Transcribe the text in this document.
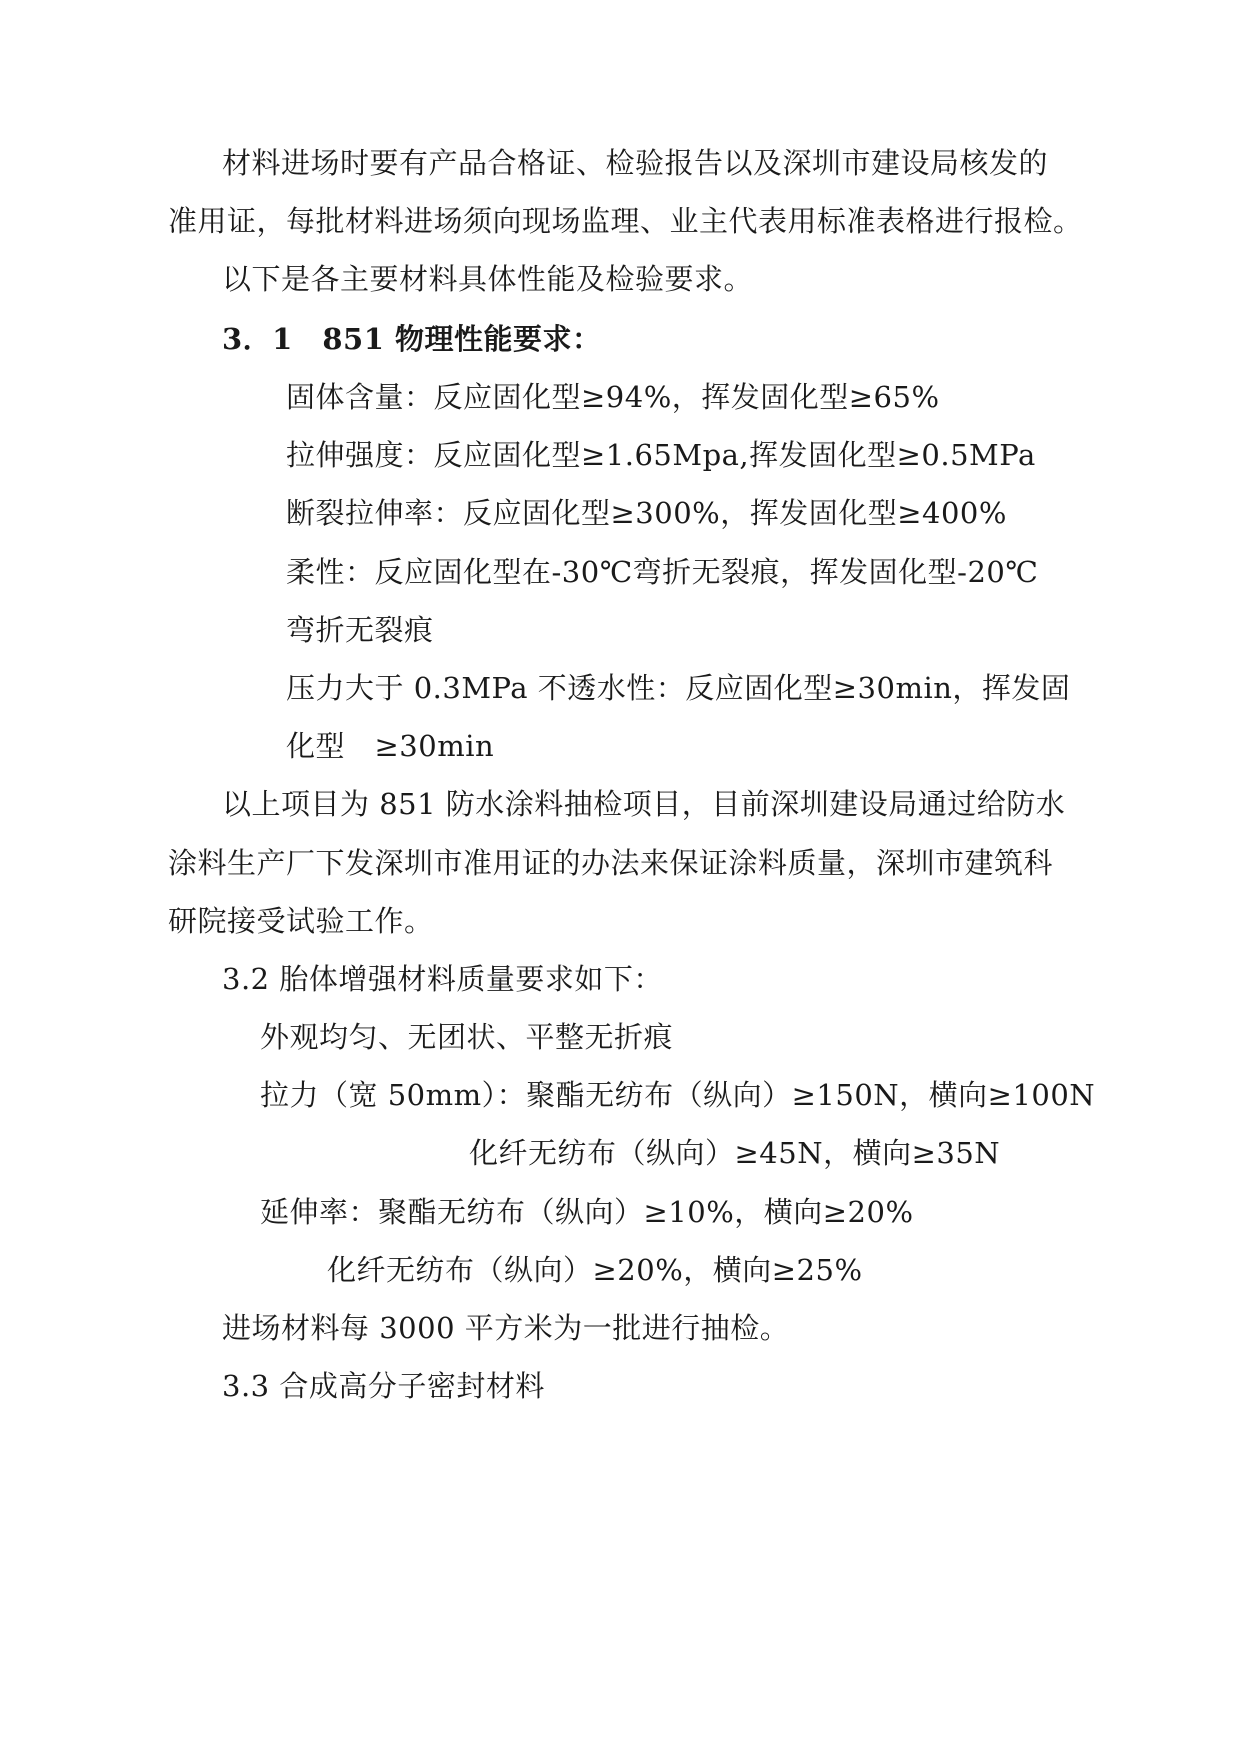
材料进场时要有产品合格证、检验报告以及深圳市建设局核发的
准用证，每批材料进场须向现场监理、业主代表用标准表格进行报检。
以下是各主要材料具体性能及检验要求。
3．1　851 物理性能要求：
固体含量：反应固化型≥94%，挥发固化型≥65%
拉伸强度：反应固化型≥1.65Mpa,挥发固化型≥0.5MPa
断裂拉伸率：反应固化型≥300%，挥发固化型≥400%
柔性：反应固化型在-30℃弯折无裂痕，挥发固化型-20℃
弯折无裂痕
压力大于 0.3MPa 不透水性：反应固化型≥30min，挥发固
化型　≥30min
以上项目为 851 防水涂料抽检项目，目前深圳建设局通过给防水
涂料生产厂下发深圳市准用证的办法来保证涂料质量，深圳市建筑科
研院接受试验工作。
3.2 胎体增强材料质量要求如下：
外观均匀、无团状、平整无折痕
拉力（宽 50mm）：聚酯无纺布（纵向）≥150N，横向≥100N
化纤无纺布（纵向）≥45N，横向≥35N
延伸率：聚酯无纺布（纵向）≥10%，横向≥20%
化纤无纺布（纵向）≥20%，横向≥25%
进场材料每 3000 平方米为一批进行抽检。
3.3 合成高分子密封材料
